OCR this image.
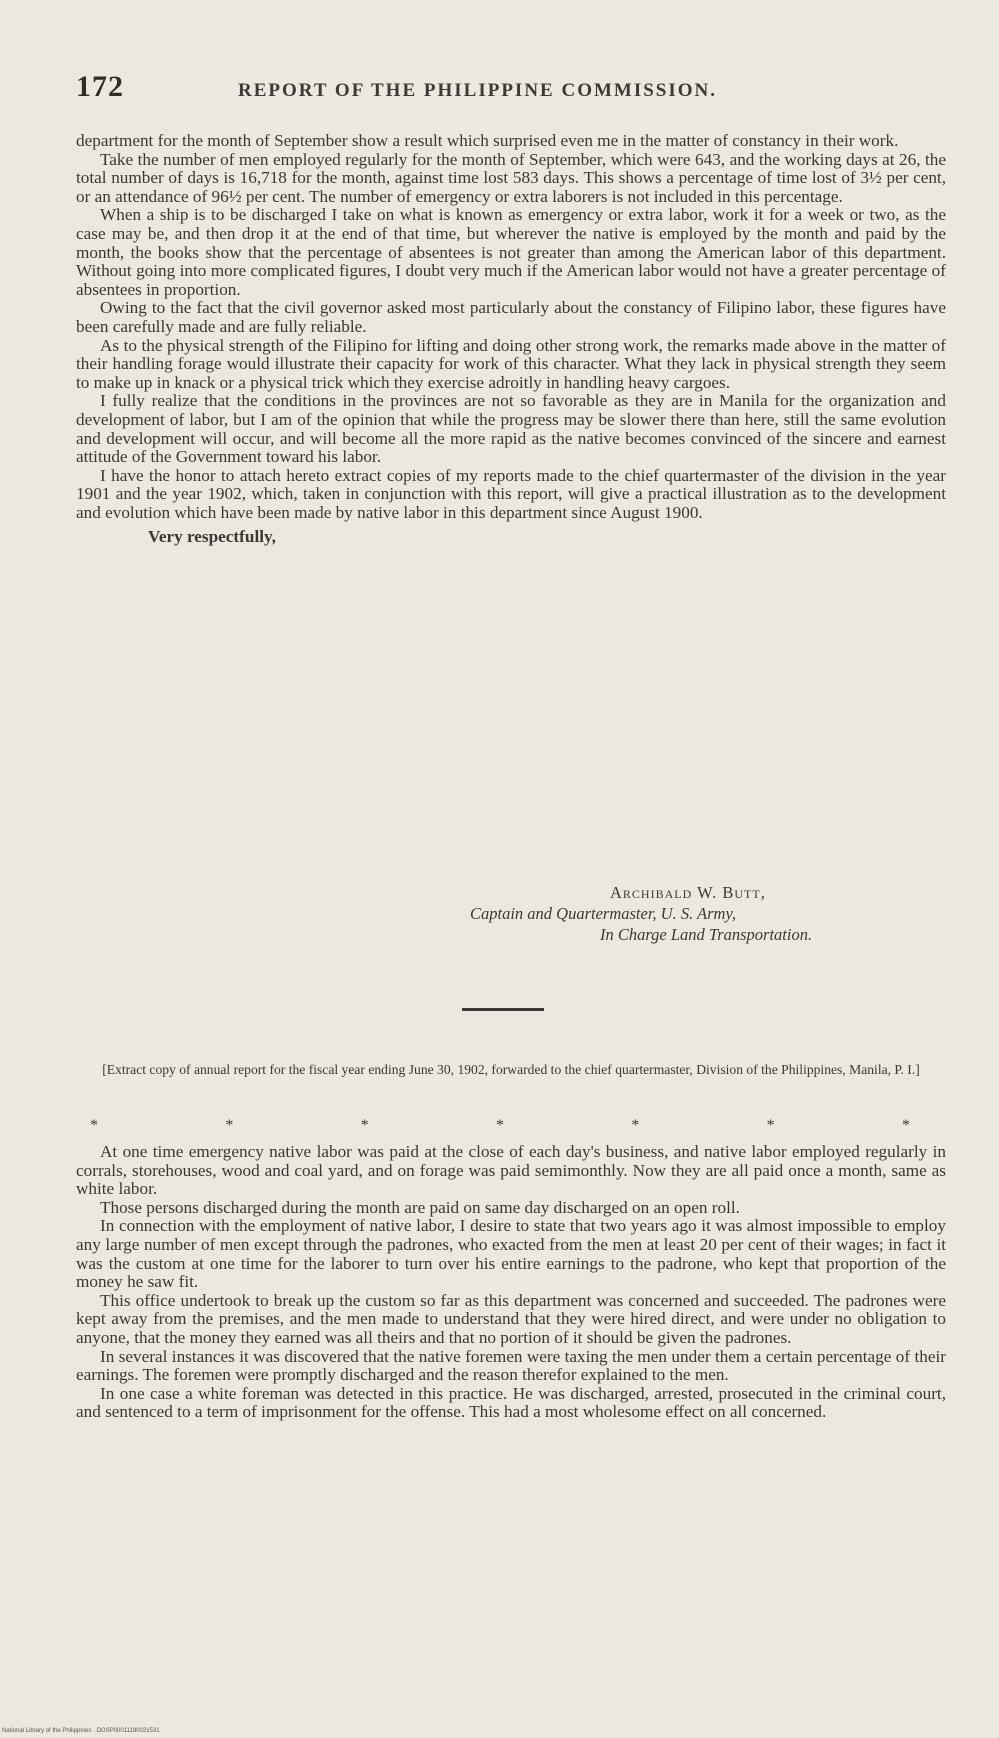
172	REPORT OF THE PHILIPPINE COMMISSION.

department for the month of September show a result which surprised even me in the matter of constancy in their work.

Take the number of men employed regularly for the month of September, which were 643, and the working days at 26, the total number of days is 16,718 for the month, against time lost 583 days. This shows a percentage of time lost of 3½ per cent, or an attendance of 96½ per cent. The number of emergency or extra laborers is not included in this percentage.

When a ship is to be discharged I take on what is known as emergency or extra labor, work it for a week or two, as the case may be, and then drop it at the end of that time, but wherever the native is employed by the month and paid by the month, the books show that the percentage of absentees is not greater than among the American labor of this department. Without going into more complicated figures, I doubt very much if the American labor would not have a greater percentage of absentees in proportion.

Owing to the fact that the civil governor asked most particularly about the constancy of Filipino labor, these figures have been carefully made and are fully reliable.

As to the physical strength of the Filipino for lifting and doing other strong work, the remarks made above in the matter of their handling forage would illustrate their capacity for work of this character. What they lack in physical strength they seem to make up in knack or a physical trick which they exercise adroitly in handling heavy cargoes.

I fully realize that the conditions in the provinces are not so favorable as they are in Manila for the organization and development of labor, but I am of the opinion that while the progress may be slower there than here, still the same evolution and development will occur, and will become all the more rapid as the native becomes convinced of the sincere and earnest attitude of the Government toward his labor.

I have the honor to attach hereto extract copies of my reports made to the chief quartermaster of the division in the year 1901 and the year 1902, which, taken in conjunction with this report, will give a practical illustration as to the development and evolution which have been made by native labor in this department since August 1900.

Very respectfully,
Archibald W. Butt,
Captain and Quartermaster, U. S. Army,
In Charge Land Transportation.
[Extract copy of annual report for the fiscal year ending June 30, 1902, forwarded to the chief quartermaster, Division of the Philippines, Manila, P. I.]
*	*	*	*	*	*	*

At one time emergency native labor was paid at the close of each day's business, and native labor employed regularly in corrals, storehouses, wood and coal yard, and on forage was paid semimonthly. Now they are all paid once a month, same as white labor.

Those persons discharged during the month are paid on same day discharged on an open roll.

In connection with the employment of native labor, I desire to state that two years ago it was almost impossible to employ any large number of men except through the padrones, who exacted from the men at least 20 per cent of their wages; in fact it was the custom at one time for the laborer to turn over his entire earnings to the padrone, who kept that proportion of the money he saw fit.

This office undertook to break up the custom so far as this department was concerned and succeeded. The padrones were kept away from the premises, and the men made to understand that they were hired direct, and were under no obligation to anyone, that the money they earned was all theirs and that no portion of it should be given the padrones.

In several instances it was discovered that the native foremen were taxing the men under them a certain percentage of their earnings. The foremen were promptly discharged and the reason therefor explained to the men.

In one case a white foreman was detected in this practice. He was discharged, arrested, prosecuted in the criminal court, and sentenced to a term of imprisonment for the offense. This had a most wholesome effect on all concerned.

National Library of the Philippines · DOSP00011190021531
